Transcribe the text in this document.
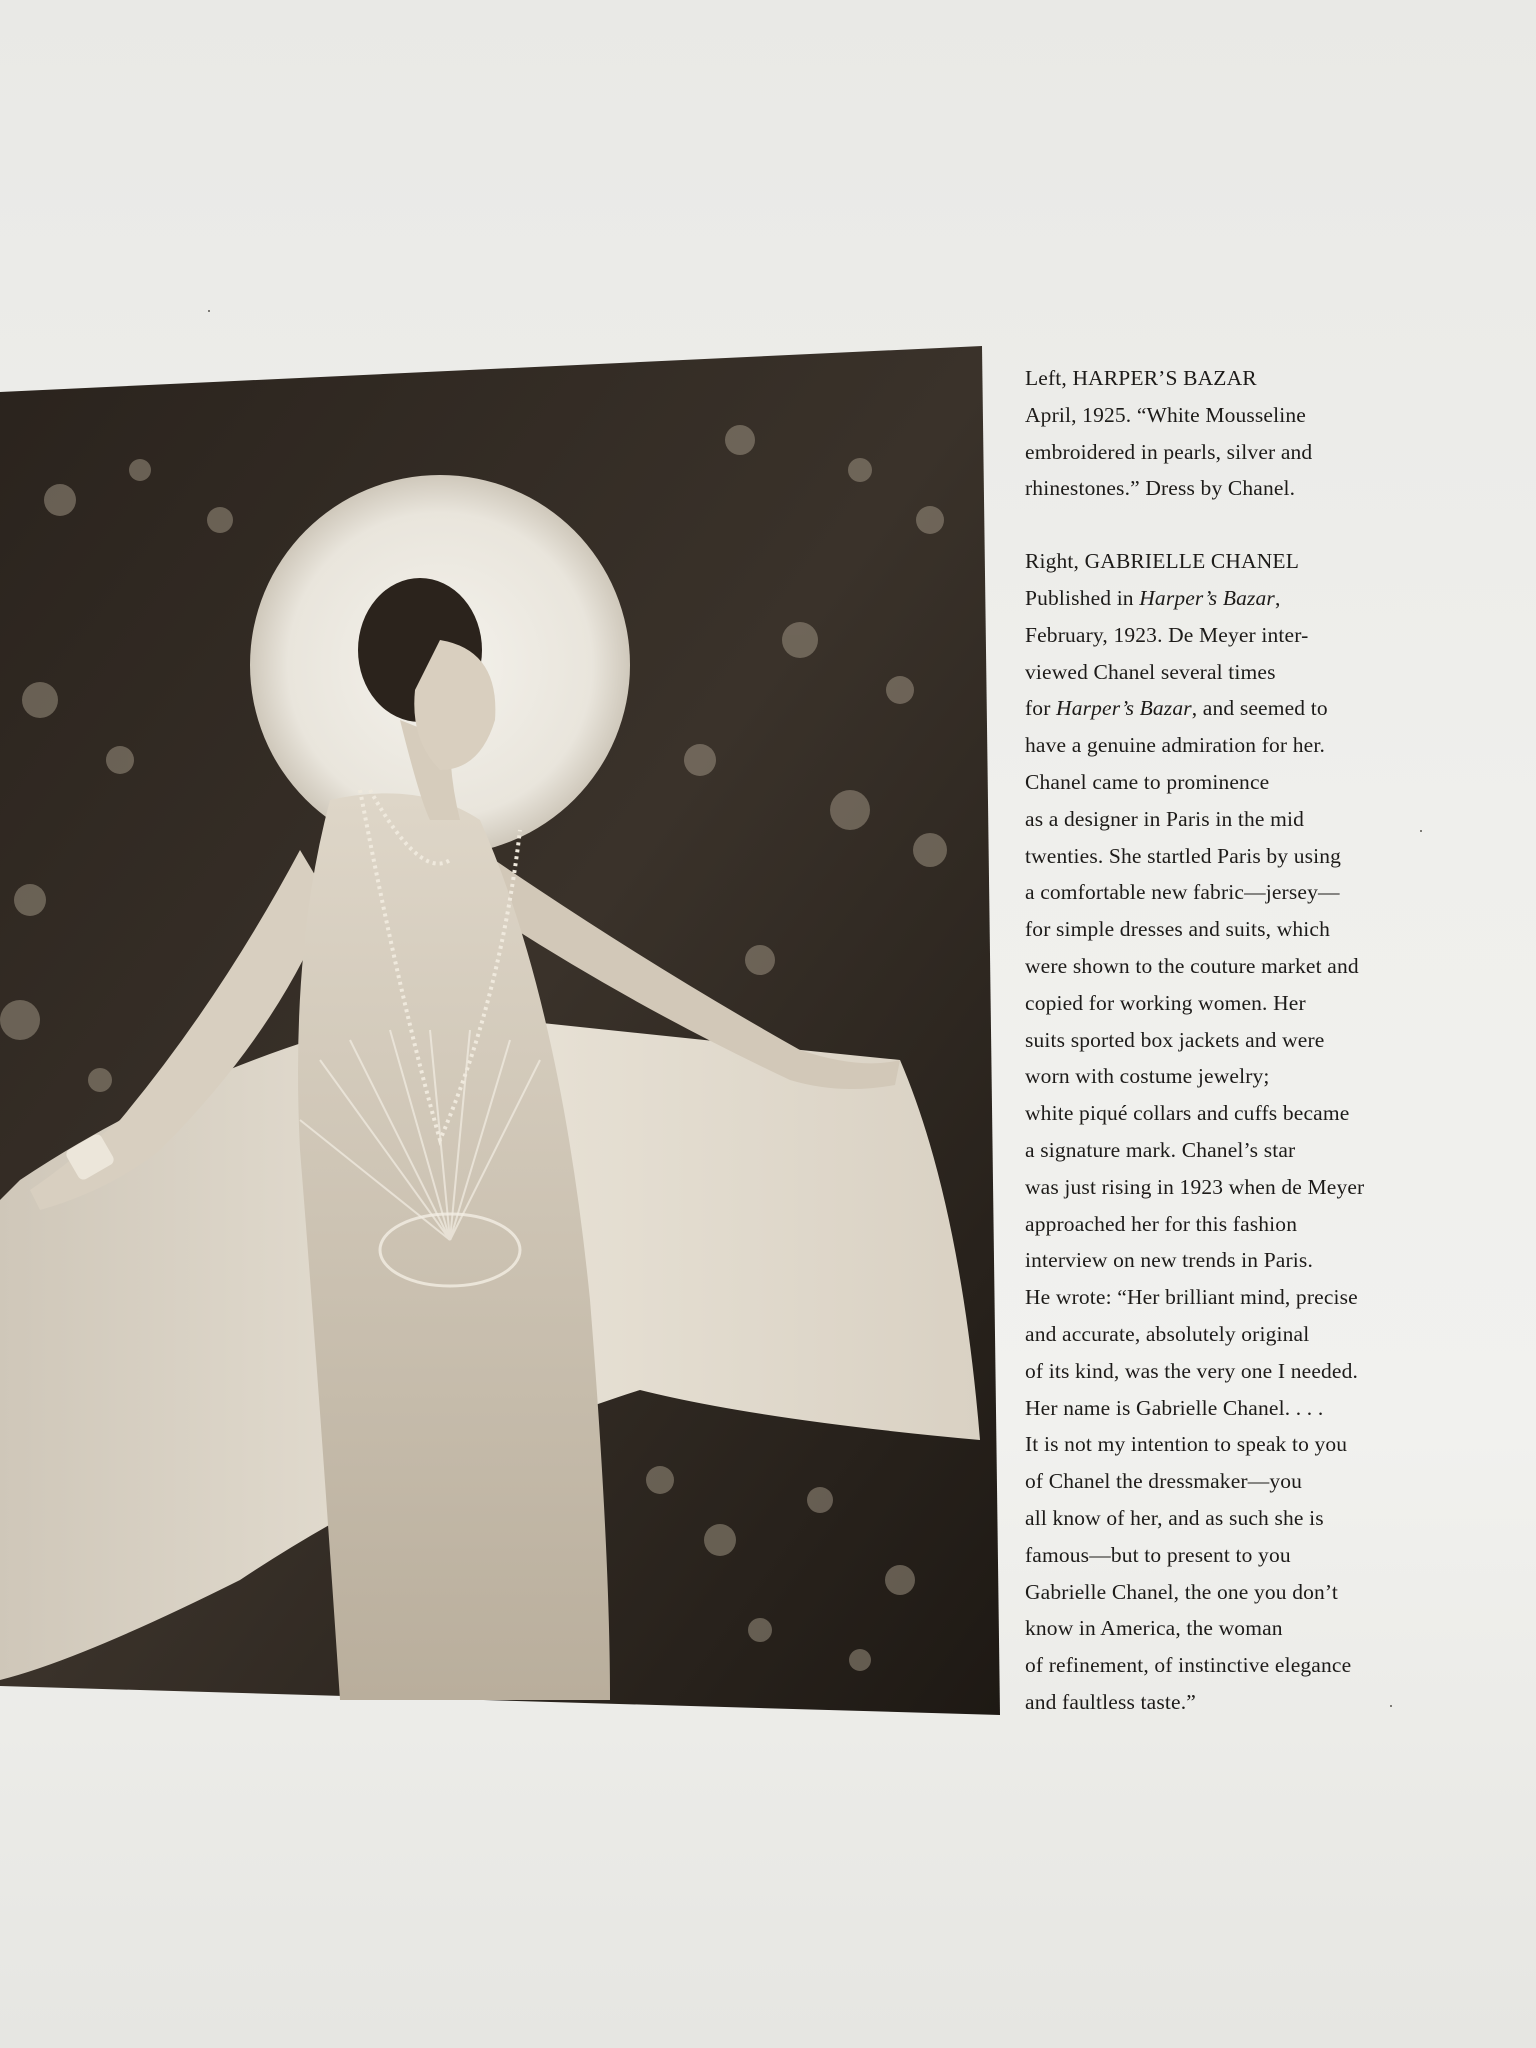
Left, HARPER’S BAZAR
April, 1925. “White Mousseline
embroidered in pearls, silver and
rhinestones.” Dress by Chanel.
Right, GABRIELLE CHANEL
Published in Harper’s Bazar,
February, 1923. De Meyer inter-
viewed Chanel several times
for Harper’s Bazar, and seemed to
have a genuine admiration for her.
Chanel came to prominence
as a designer in Paris in the mid
twenties. She startled Paris by using
a comfortable new fabric—jersey—
for simple dresses and suits, which
were shown to the couture market and
copied for working women. Her
suits sported box jackets and were
worn with costume jewelry;
white piqué collars and cuffs became
a signature mark. Chanel’s star
was just rising in 1923 when de Meyer
approached her for this fashion
interview on new trends in Paris.
He wrote: “Her brilliant mind, precise
and accurate, absolutely original
of its kind, was the very one I needed.
Her name is Gabrielle Chanel. . . .
It is not my intention to speak to you
of Chanel the dressmaker—you
all know of her, and as such she is
famous—but to present to you
Gabrielle Chanel, the one you don’t
know in America, the woman
of refinement, of instinctive elegance
and faultless taste.”
